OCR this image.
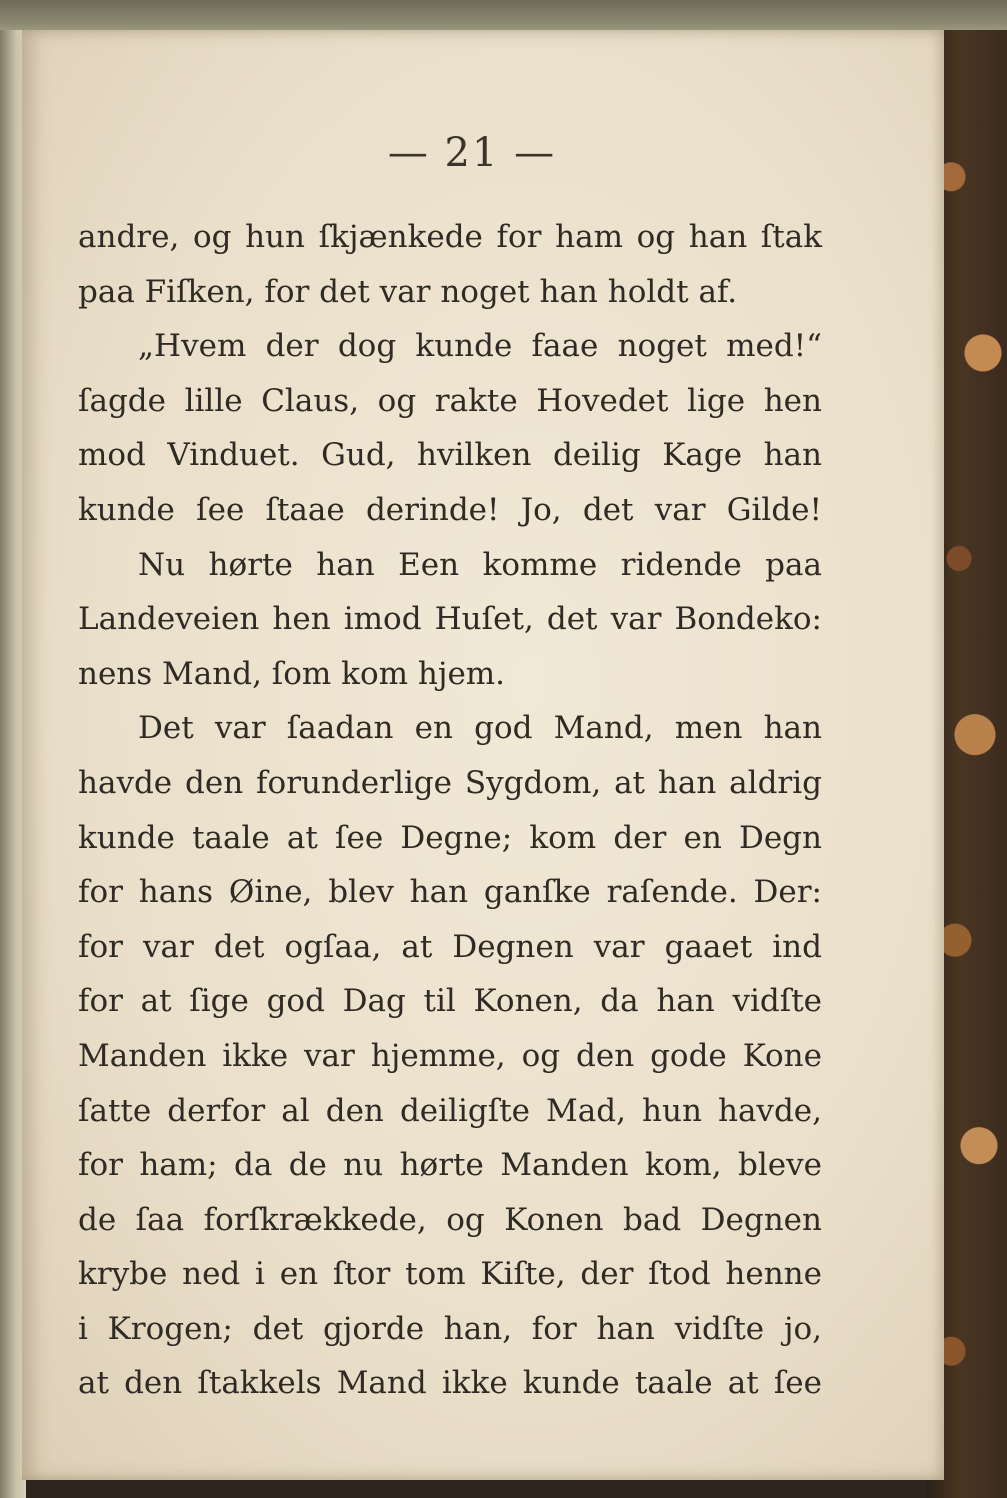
— 21 —
andre, og hun ſkjænkede for ham og han ſtak
paa Fiſken, for det var noget han holdt af.
„Hvem der dog kunde faae noget med!“
ſagde lille Claus, og rakte Hovedet lige hen
mod Vinduet. Gud, hvilken deilig Kage han
kunde ſee ſtaae derinde! Jo, det var Gilde!
Nu hørte han Een komme ridende paa
Landeveien hen imod Huſet, det var Bondeko:
nens Mand, ſom kom hjem.
Det var ſaadan en god Mand, men han
havde den forunderlige Sygdom, at han aldrig
kunde taale at ſee Degne; kom der en Degn
for hans Øine, blev han ganſke raſende. Der:
for var det ogſaa, at Degnen var gaaet ind
for at ſige god Dag til Konen, da han vidſte
Manden ikke var hjemme, og den gode Kone
ſatte derfor al den deiligſte Mad, hun havde,
for ham; da de nu hørte Manden kom, bleve
de ſaa forſkrækkede, og Konen bad Degnen
krybe ned i en ſtor tom Kiſte, der ſtod henne
i Krogen; det gjorde han, for han vidſte jo,
at den ſtakkels Mand ikke kunde taale at ſee
